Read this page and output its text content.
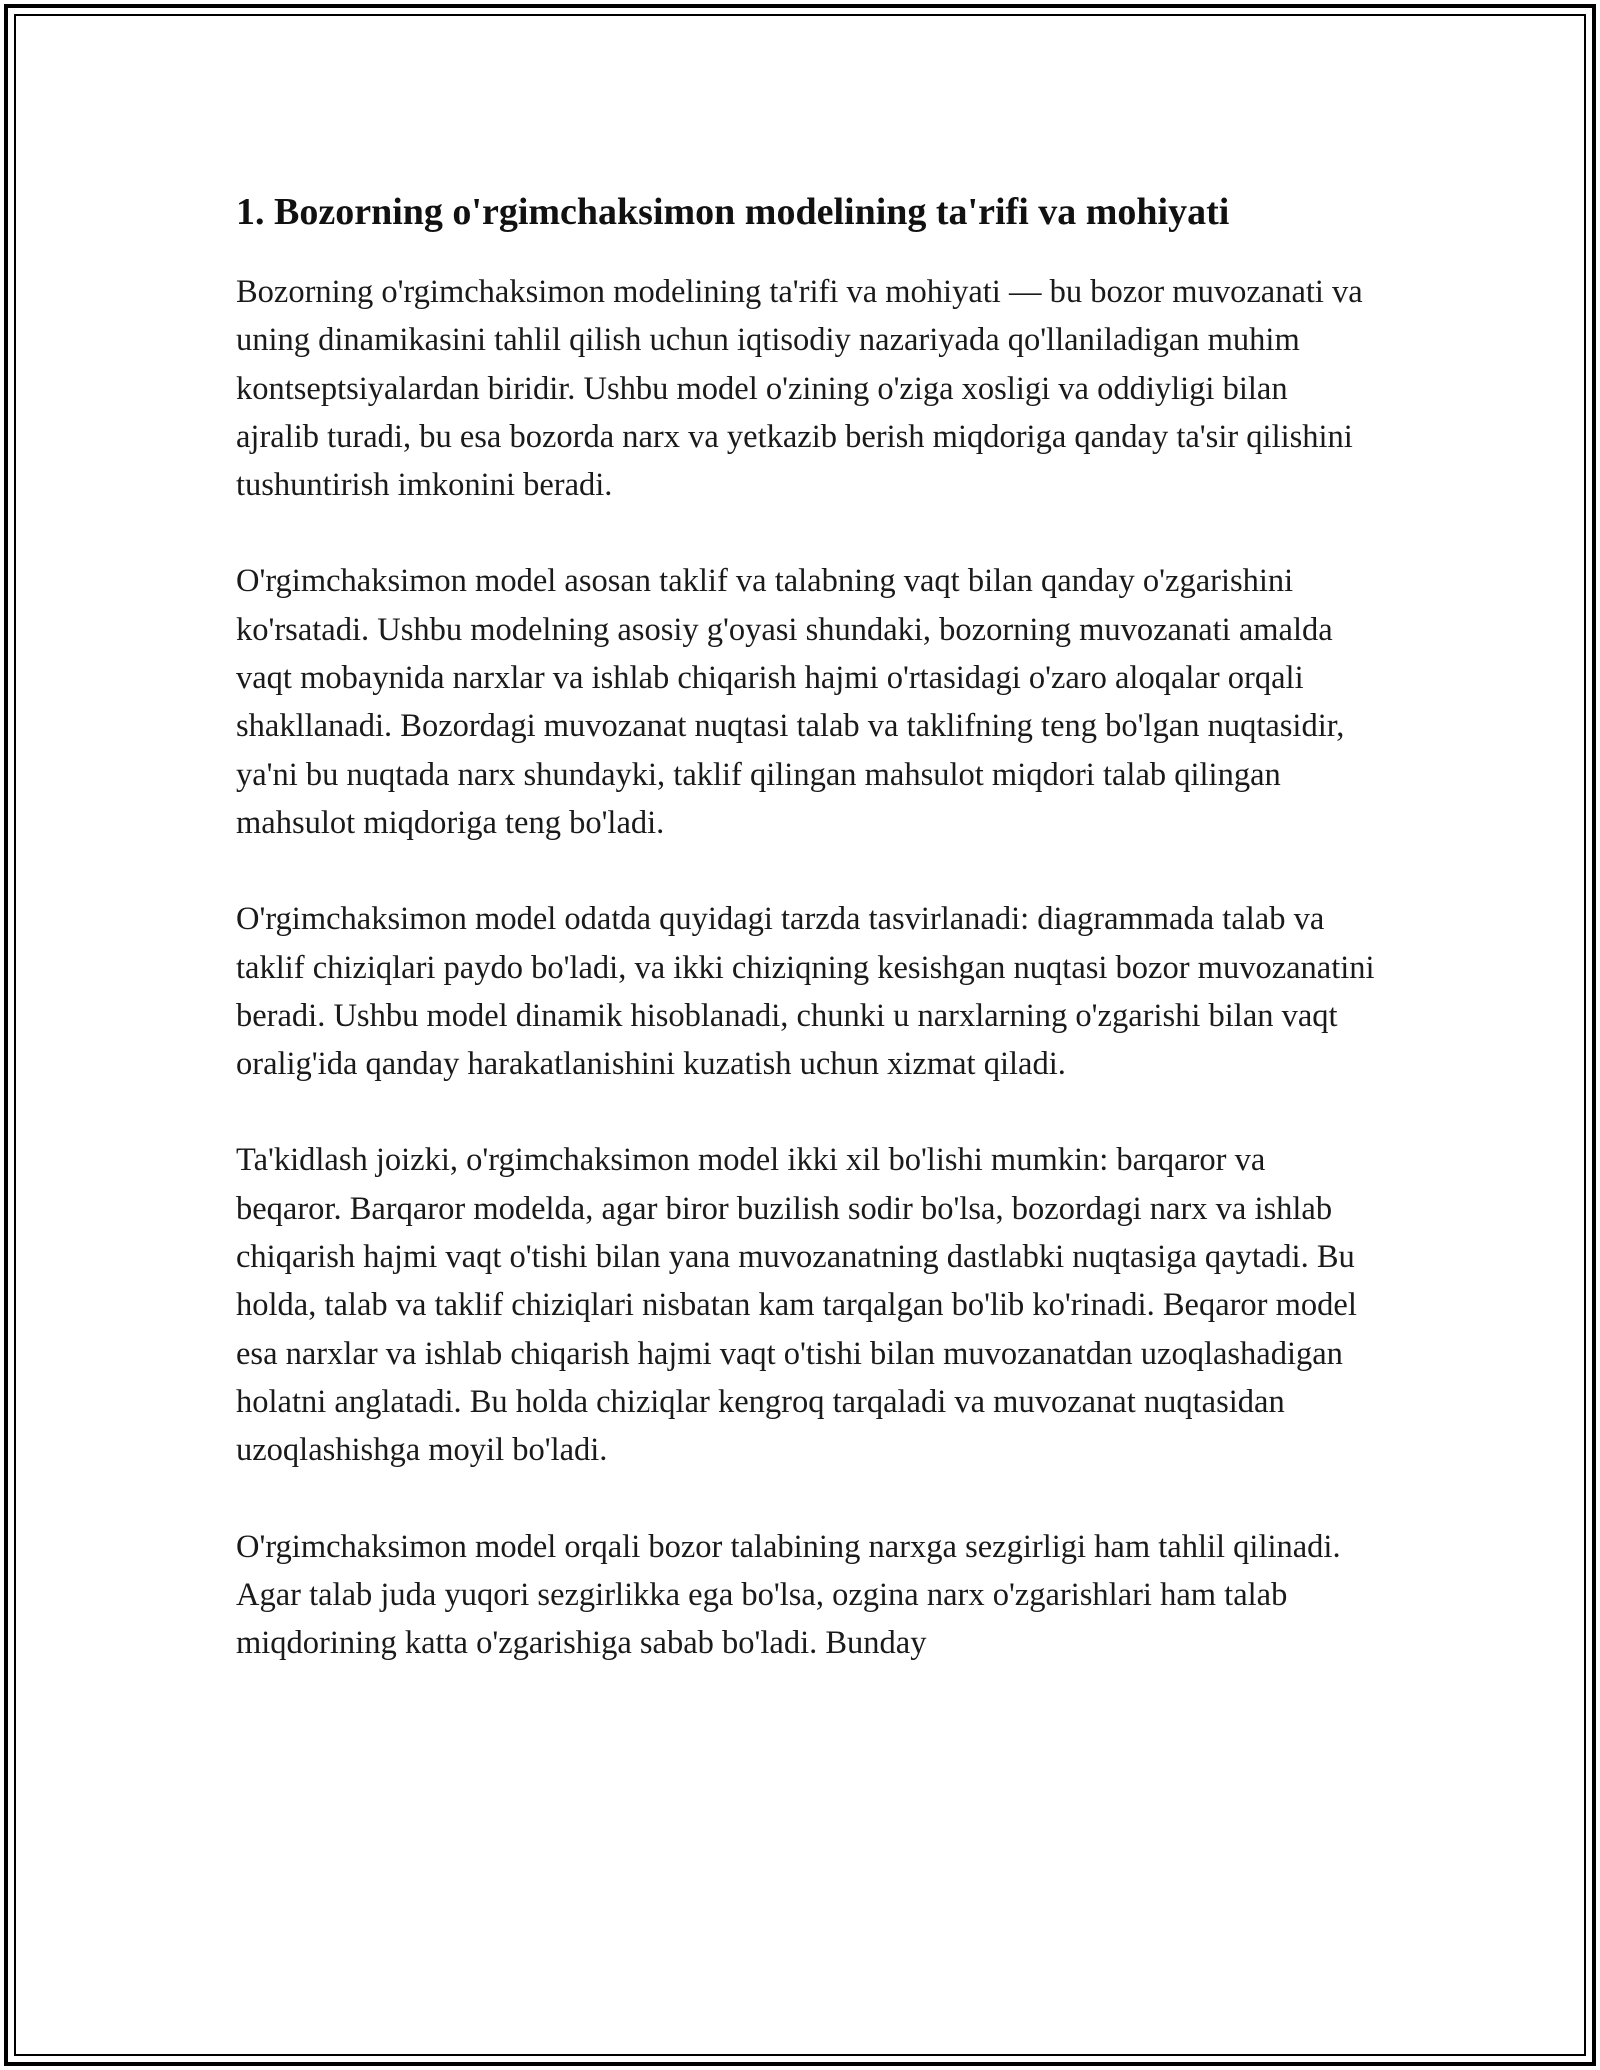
1. Bozorning o'rgimchaksimon modelining ta'rifi va mohiyati

Bozorning o'rgimchaksimon modelining ta'rifi va mohiyati — bu bozor muvozanati va uning dinamikasini tahlil qilish uchun iqtisodiy nazariyada qo'llaniladigan muhim kontseptsiyalardan biridir. Ushbu model o'zining o'ziga xosligi va oddiyligi bilan ajralib turadi, bu esa bozorda narx va yetkazib berish miqdoriga qanday ta'sir qilishini tushuntirish imkonini beradi.

O'rgimchaksimon model asosan taklif va talabning vaqt bilan qanday o'zgarishini ko'rsatadi. Ushbu modelning asosiy g'oyasi shundaki, bozorning muvozanati amalda vaqt mobaynida narxlar va ishlab chiqarish hajmi o'rtasidagi o'zaro aloqalar orqali shakllanadi. Bozordagi muvozanat nuqtasi talab va taklifning teng bo'lgan nuqtasidir, ya'ni bu nuqtada narx shundayki, taklif qilingan mahsulot miqdori talab qilingan mahsulot miqdoriga teng bo'ladi.

O'rgimchaksimon model odatda quyidagi tarzda tasvirlanadi: diagrammada talab va taklif chiziqlari paydo bo'ladi, va ikki chiziqning kesishgan nuqtasi bozor muvozanatini beradi. Ushbu model dinamik hisoblanadi, chunki u narxlarning o'zgarishi bilan vaqt oralig'ida qanday harakatlanishini kuzatish uchun xizmat qiladi.

Ta'kidlash joizki, o'rgimchaksimon model ikki xil bo'lishi mumkin: barqaror va beqaror. Barqaror modelda, agar biror buzilish sodir bo'lsa, bozordagi narx va ishlab chiqarish hajmi vaqt o'tishi bilan yana muvozanatning dastlabki nuqtasiga qaytadi. Bu holda, talab va taklif chiziqlari nisbatan kam tarqalgan bo'lib ko'rinadi. Beqaror model esa narxlar va ishlab chiqarish hajmi vaqt o'tishi bilan muvozanatdan uzoqlashadigan holatni anglatadi. Bu holda chiziqlar kengroq tarqaladi va muvozanat nuqtasidan uzoqlashishga moyil bo'ladi.

O'rgimchaksimon model orqali bozor talabining narxga sezgirligi ham tahlil qilinadi. Agar talab juda yuqori sezgirlikka ega bo'lsa, ozgina narx o'zgarishlari ham talab miqdorining katta o'zgarishiga sabab bo'ladi. Bunday
